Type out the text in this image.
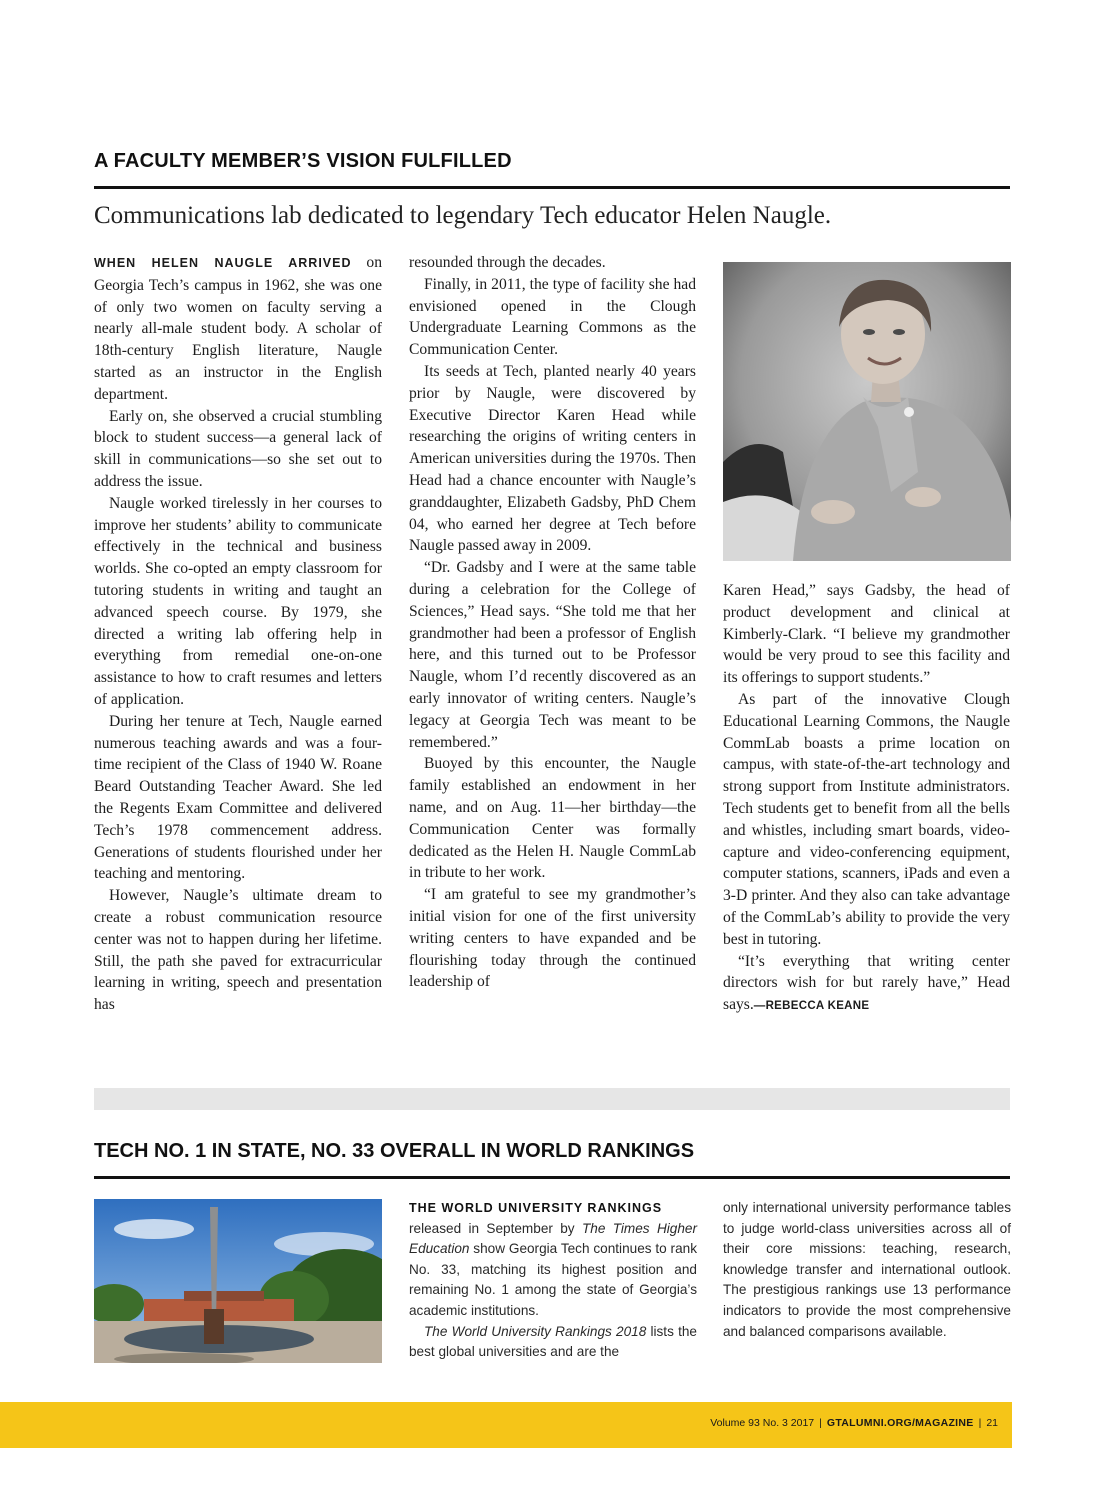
A FACULTY MEMBER’S VISION FULFILLED
Communications lab dedicated to legendary Tech educator Helen Naugle.

WHEN HELEN NAUGLE ARRIVED on Georgia Tech’s campus in 1962, she was one of only two women on faculty serving a nearly all-male student body. A scholar of 18th-century English literature, Naugle started as an instructor in the English department.

Early on, she observed a crucial stumbling block to student success—a general lack of skill in communications—so she set out to address the issue.

Naugle worked tirelessly in her courses to improve her students’ ability to communicate effectively in the technical and business worlds. She co-opted an empty classroom for tutoring students in writing and taught an advanced speech course. By 1979, she directed a writing lab offering help in everything from remedial one-on-one assistance to how to craft resumes and letters of application.

During her tenure at Tech, Naugle earned numerous teaching awards and was a four-time recipient of the Class of 1940 W. Roane Beard Outstanding Teacher Award. She led the Regents Exam Committee and delivered Tech’s 1978 commencement address. Generations of students flourished under her teaching and mentoring.

However, Naugle’s ultimate dream to create a robust communication resource center was not to happen during her lifetime. Still, the path she paved for extracurricular learning in writing, speech and presentation has

resounded through the decades.

Finally, in 2011, the type of facility she had envisioned opened in the Clough Undergraduate Learning Commons as the Communication Center.

Its seeds at Tech, planted nearly 40 years prior by Naugle, were discovered by Executive Director Karen Head while researching the origins of writing centers in American universities during the 1970s. Then Head had a chance encounter with Naugle’s granddaughter, Elizabeth Gadsby, PhD Chem 04, who earned her degree at Tech before Naugle passed away in 2009.

“Dr. Gadsby and I were at the same table during a celebration for the College of Sciences,” Head says. “She told me that her grandmother had been a professor of English here, and this turned out to be Professor Naugle, whom I’d recently discovered as an early innovator of writing centers. Naugle’s legacy at Georgia Tech was meant to be remembered.”

Buoyed by this encounter, the Naugle family established an endowment in her name, and on Aug. 11—her birthday—the Communication Center was formally dedicated as the Helen H. Naugle CommLab in tribute to her work.

“I am grateful to see my grandmother’s initial vision for one of the first university writing centers to have expanded and be flourishing today through the continued leadership of

Karen Head,” says Gadsby, the head of product development and clinical at Kimberly-Clark. “I believe my grandmother would be very proud to see this facility and its offerings to support students.”

As part of the innovative Clough Educational Learning Commons, the Naugle CommLab boasts a prime location on campus, with state-of-the-art technology and strong support from Institute administrators. Tech students get to benefit from all the bells and whistles, including smart boards, video-capture and video-conferencing equipment, computer stations, scanners, iPads and even a 3-D printer. And they also can take advantage of the CommLab’s ability to provide the very best in tutoring.

“It’s everything that writing center directors wish for but rarely have,” Head says.—REBECCA KEANE

TECH NO. 1 IN STATE, NO. 33 OVERALL IN WORLD RANKINGS

THE WORLD UNIVERSITY RANKINGS
released in September by The Times Higher Education show Georgia Tech continues to rank No. 33, matching its highest position and remaining No. 1 among the state of Georgia’s academic institutions.

The World University Rankings 2018 lists the best global universities and are the

only international university performance tables to judge world-class universities across all of their core missions: teaching, research, knowledge transfer and international outlook. The prestigious rankings use 13 performance indicators to provide the most comprehensive and balanced comparisons available.

Volume 93 No. 3 2017 | GTALUMNI.ORG/MAGAZINE | 21
